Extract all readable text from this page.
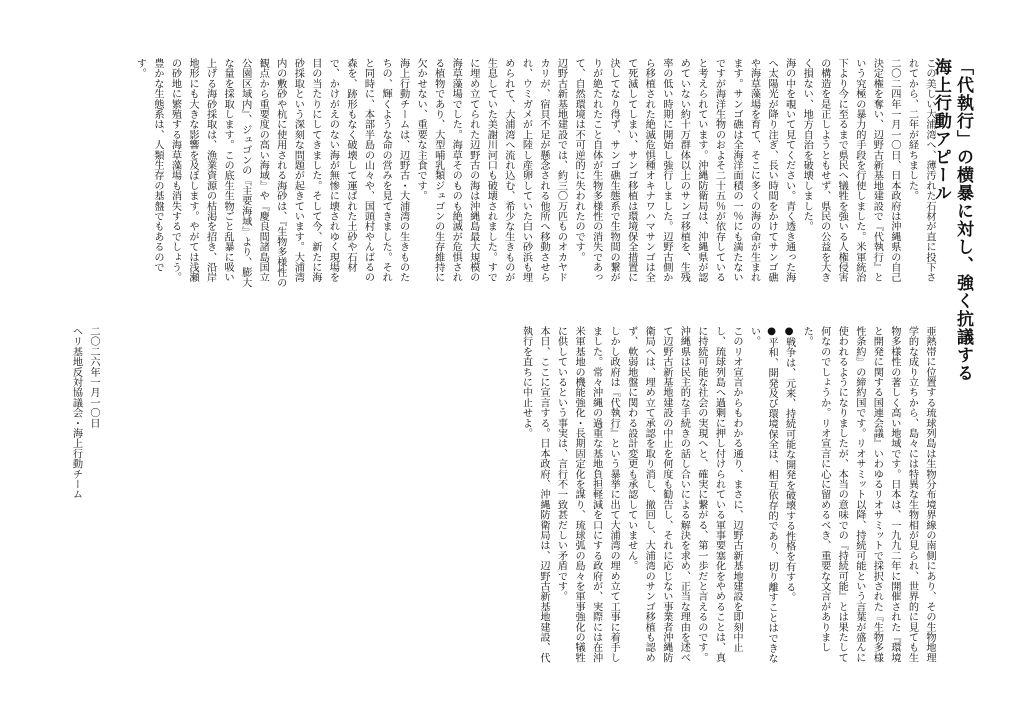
「代執行」の横暴に対し、強く抗議する　海上行動アピール

この美しい大浦湾へ、薄汚れた石材が直に投下されてから、二年が経ちました。

二〇二四年一月一〇日、日本政府は沖縄県の自己決定権を奪い、辺野古新基地建設で『代執行』という究極の暴力的手段を行使しました。米軍統治下より今に至るまで県民へ犠牲を強いる人権侵害の構造を是正しようともせず、県民の公益を大きく損ない、地方自治を破壊しました。

海の中を覗いて見てください。青く透き通った海へ太陽光が降り注ぎ、長い時間をかけてサンゴ礁や海草藻場を育て、そこに多くの海の命が生まれます。サンゴ礁は全海洋面積の一％にも満たないですが海洋生物のおよそ二十五％が依存していると考えられています。沖縄防衛局は、沖縄県が認めていない約十万群体以上のサンゴ移植を、生残率の低い時期に開始し強行しました。辺野古側から移植された絶滅危惧種オキナワハマサンゴは全て死滅してしまい、サンゴ移植は環境保全措置に決してなり得ず、サンゴ礁生態系で生物間の繋がりが絶たれたこと自体が生物多様性の消失であって、自然環境は不可逆的に失われたのです。

辺野古新基地建設では、約三〇万匹ものオカヤドカリが、宿貝不足が懸念される他所へ移動させられ、ウミガメが上陸し産卵していた白い砂浜も埋められて、大浦湾へ流れ込む、希少な生きものが生息していた美謝川河口も破壊されました。すでに埋め立てられた辺野古の海は沖縄島最大規模の海草藻場でした。海草そのものも絶滅が危惧される植物であり、大型哺乳類ジュゴンの生存維持に欠かせない、重要な主食です。

海上行動チームは、辺野古・大浦湾の生きものたちの、輝くような命の営みを見てきました。それと同時に、本部半島の山々や、国頭村やんばるの森を、跡形もなく破壊して運ばれた土砂や石材で、かけがえのない海が無惨に壊されゆく現場を目の当たりにしてきました。そして今、新たに海砂採取という深刻な問題が起きています。大浦湾内の敷砂や杭に使用される海砂は、『生物多様性の観点から重要度の高い海域』や『慶良間諸島国立公園区域内』、ジュゴンの『主要海域』より、膨大な量を採取します。この底生生物ごと乱暴に吸い上げる海砂採取は、漁業資源の枯渇を招き、沿岸地形にも大きな影響を及ぼします。やがては浅瀬の砂地に繁殖する海草藻場も消失するでしょう。豊かな生態系は、人類生存の基盤でもあるのです。

亜熱帯に位置する琉球列島は生物分布境界線の南側にあり、その生物地理学的な成り立ちから、島々には特異な生物相が見られ、世界的に見ても生物多様性の著しく高い地域です。日本は、一九九二年に開催された『環境と開発に関する国連会議』いわゆるリオサミットで採択された『生物多様性条約』の締約国です。リオサミット以降、持続可能という言葉が盛んに使われるようになりましたが、本当の意味での『持続可能』とは果たして何なのでしょうか。リオ宣言に心に留めるべき、重要な文言がありました。

●戦争は、元来、持続可能な開発を破壊する性格を有する。

●平和、開発及び環境保全は、相互依存的であり、切り離すことはできない。

このリオ宣言からもわかる通り、まさに、辺野古新基地建設を即刻中止し、琉球列島へ過剰に押し付けられている軍事要塞化をやめることは、真に持続可能な社会の実現へと、確実に繋がる、第一歩だと言えるのです。

沖縄県は民主的な手続きの話し合いによる解決を求め、正当な理由を述べて辺野古新基地建設の中止を何度も勧告し、それに応じない事業者沖縄防衛局へは、埋め立て承認を取り消し、撤回し、大浦湾のサンゴ移植も認めず、軟弱地盤に関わる設計変更も承認していません。

しかし政府は『代執行』という暴挙に出て大浦湾の埋め立て工事に着手しました。常々沖縄の過重な基地負担軽減を口にする政府が、実際には在沖米軍基地の機能強化・長期固定化を謀り、琉球弧の島々を軍事強化の犠牲に供しているという事実は、言行不一致甚だしい矛盾です。

本日、ここに宣言する。日本政府、沖縄防衛局は、辺野古新基地建設、代執行を直ちに中止せよ。

二〇二六年一月一〇日
ヘリ基地反対協議会・海上行動チーム
